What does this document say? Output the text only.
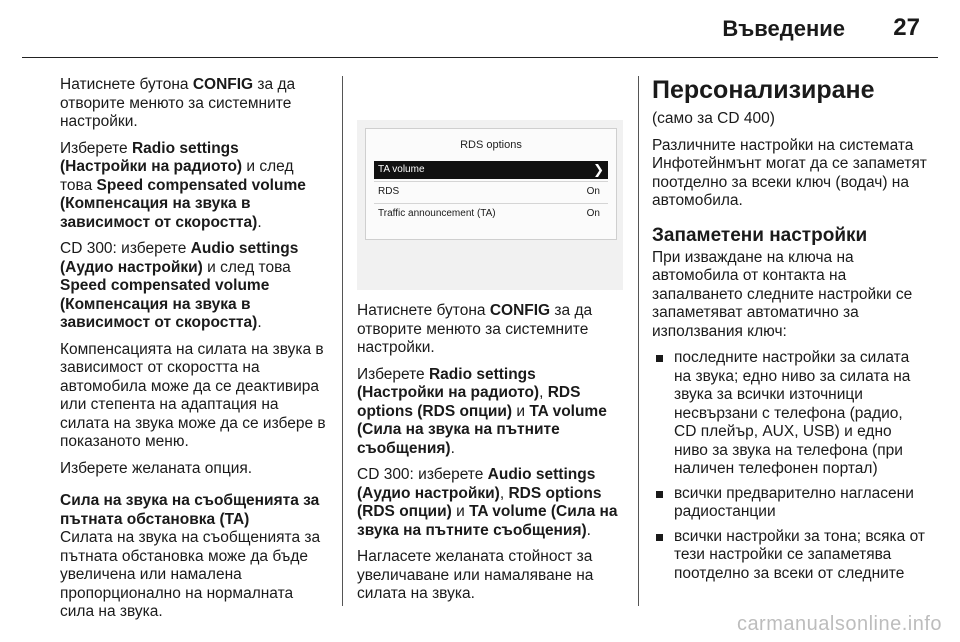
Въведение 27

Натиснете бутона CONFIG за да отворите менюто за системните настройки.

Изберете Radio settings (Настройки на радиото) и след това Speed compensated volume (Компенсация на звука в зависимост от скоростта).

CD 300: изберете Audio settings (Аудио настройки) и след това Speed compensated volume (Компенсация на звука в зависимост от скоростта).

Компенсацията на силата на звука в зависимост от скоростта на автомобила може да се деактивира или степента на адаптация на силата на звука може да се избере в показаното меню.

Изберете желаната опция.

Сила на звука на съобщенията за пътната обстановка (TA)

Силата на звука на съобщенията за пътната обстановка може да бъде увеличена или намалена пропорционално на нормалната сила на звука.

RDS options
TA volume	❯
RDS	On
Traffic announcement (TA)	On

Натиснете бутона CONFIG за да отворите менюто за системните настройки.

Изберете Radio settings (Настройки на радиото), RDS options (RDS опции) и TA volume (Сила на звука на пътните съобщения).

CD 300: изберете Audio settings (Аудио настройки), RDS options (RDS опции) и TA volume (Сила на звука на пътните съобщения).

Нагласете желаната стойност за увеличаване или намаляване на силата на звука.

Персонализиране

(само за CD 400)

Различните настройки на системата Инфотейнмънт могат да се запаметят поотделно за всеки ключ (водач) на автомобила.

Запаметени настройки

При изваждане на ключа на автомобила от контакта на запалването следните настройки се запаметяват автоматично за използвания ключ:

последните настройки за силата на звука; едно ниво за силата на звука за всички източници несвързани с телефона (радио, CD плейър, AUX, USB) и едно ниво за звука на телефона (при наличен телефонен портал)
всички предварително нагласени радиостанции
всички настройки за тона; всяка от тези настройки се запаметява поотделно за всеки от следните
carmanualsonline.info
